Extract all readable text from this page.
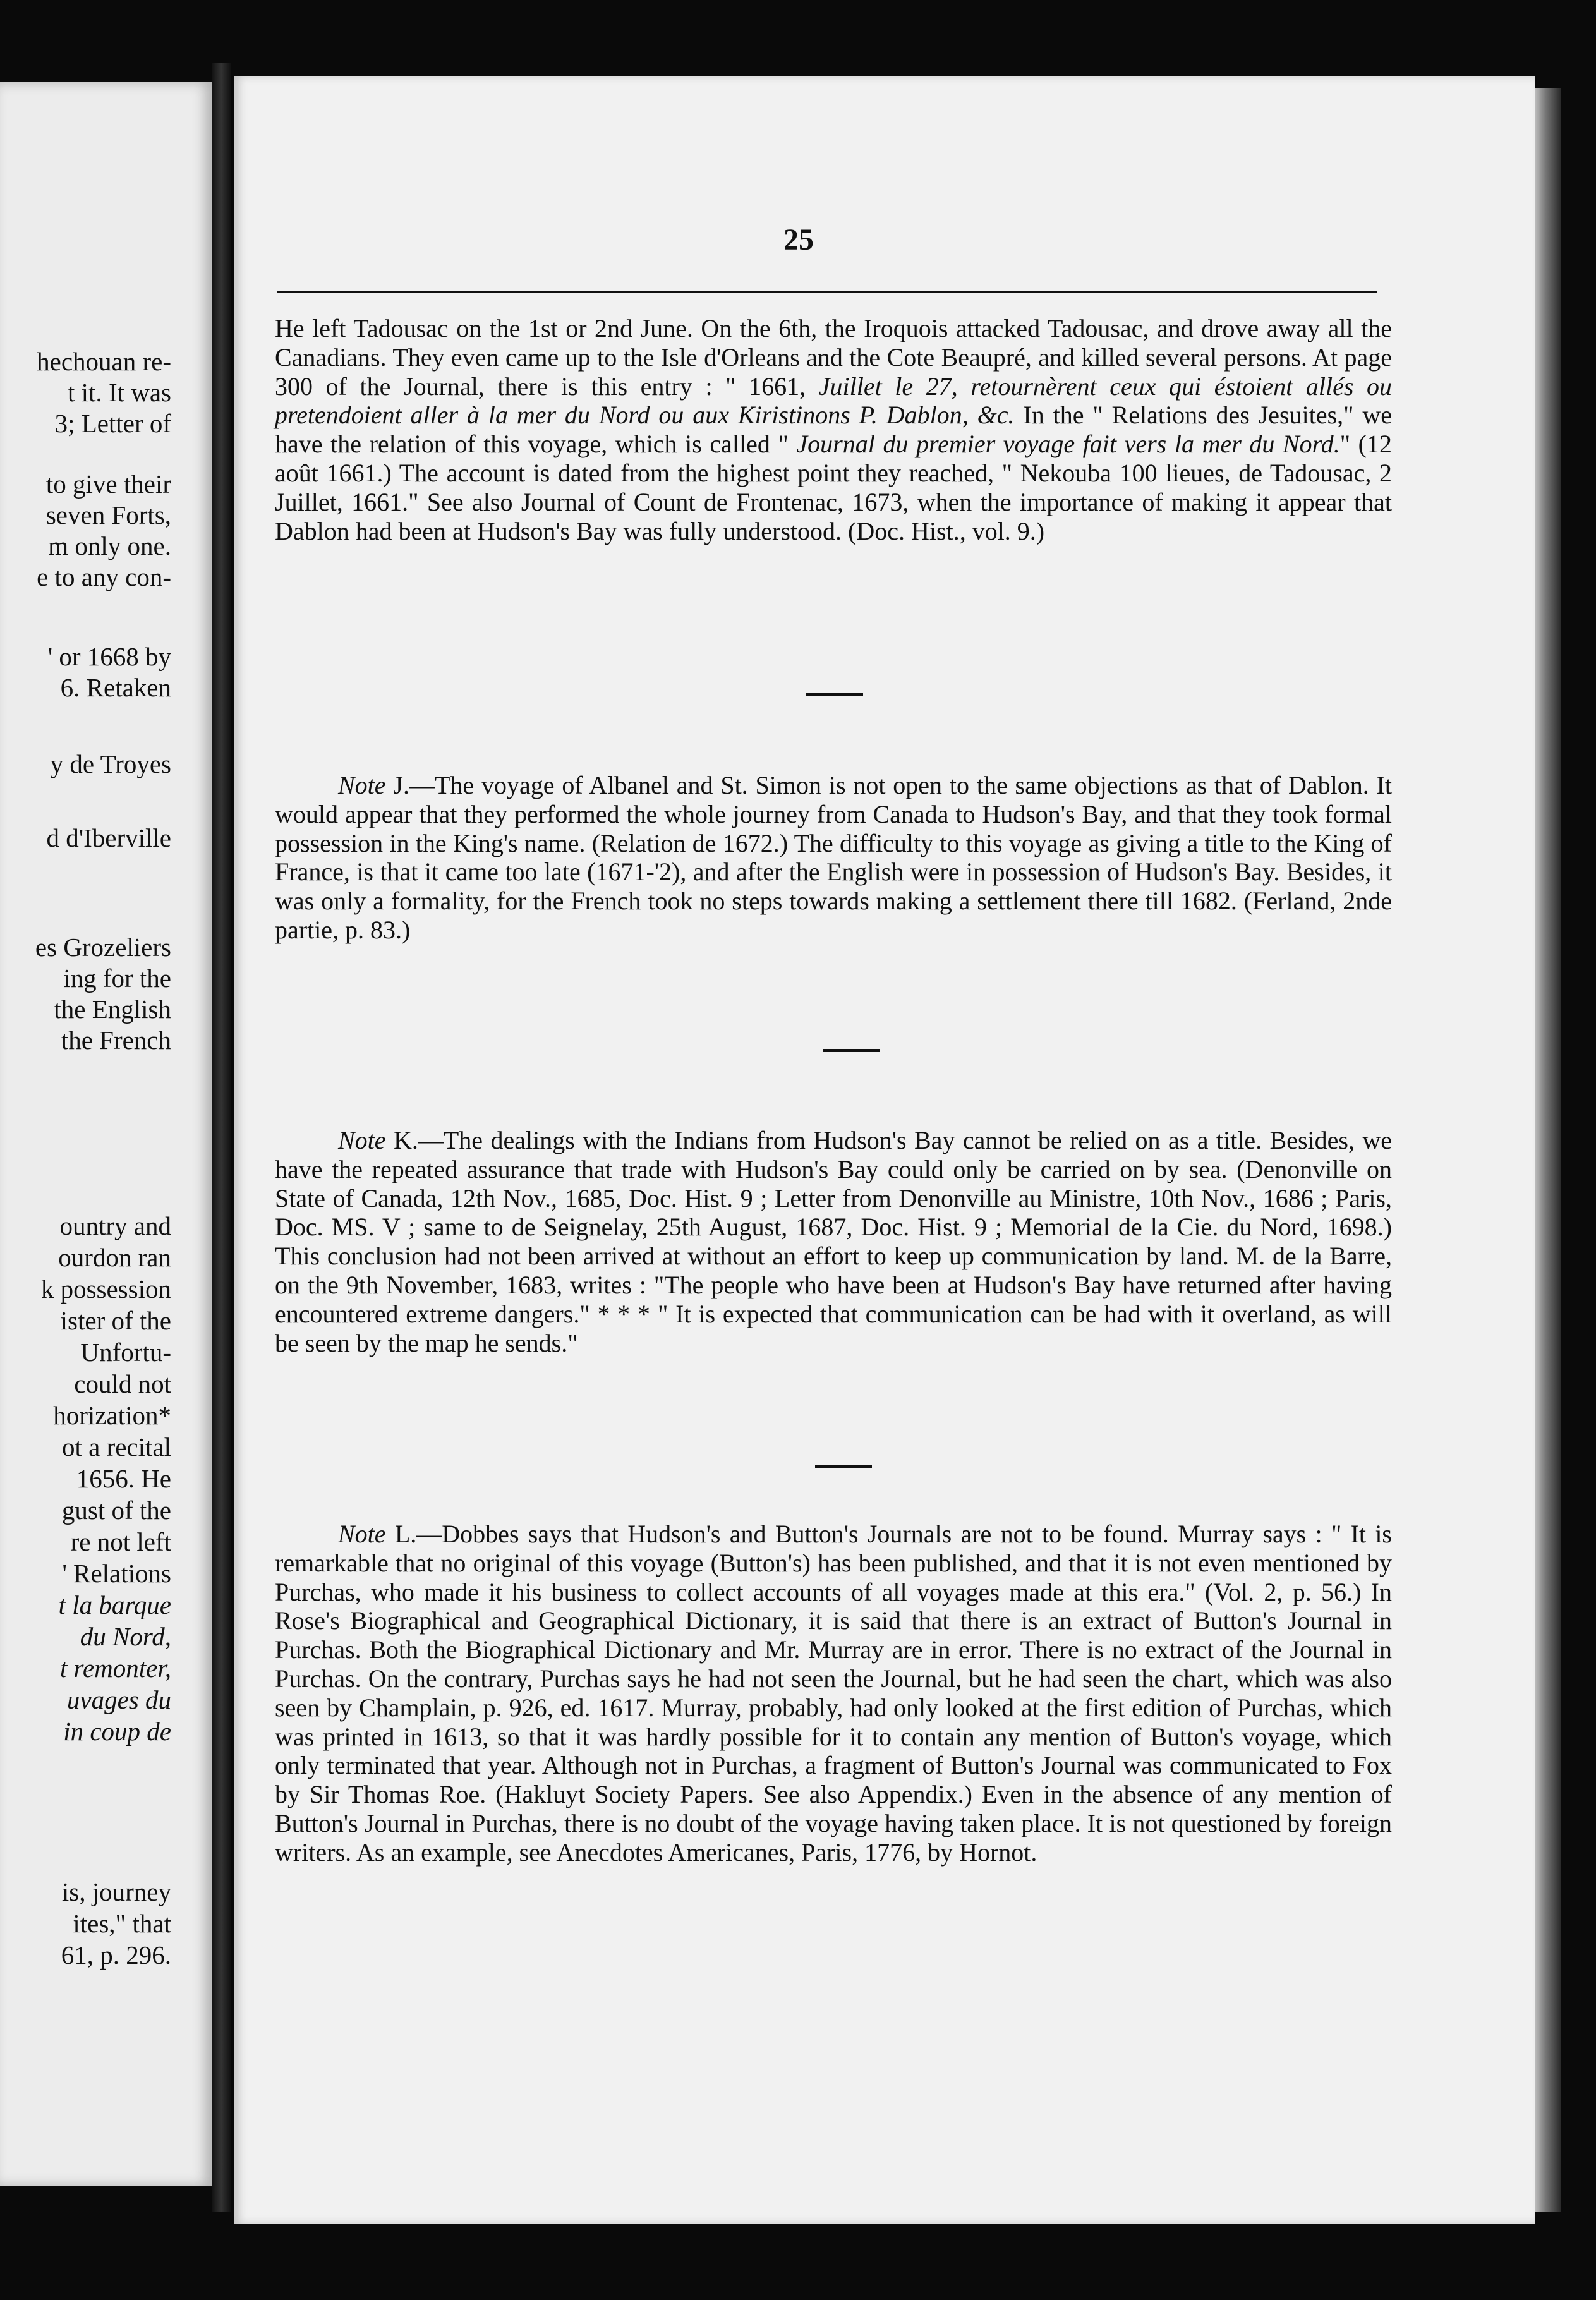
hechouan re-
t it. It was
3; Letter of
to give their
seven Forts,
m only one.
e to any con-
' or 1668 by
6. Retaken
y de Troyes
d d'Iberville
es Grozeliers
ing for the
the English
the French
ountry and
ourdon ran
k possession
ister of the
Unfortu-
could not
horization*
ot a recital
1656. He
gust of the
re not left
' Relations
t la barque
du Nord,
t remonter,
uvages du
in coup de
is, journey
ites," that
61, p. 296.
25
He left Tadousac on the 1st or 2nd June. On the 6th, the Iroquois attacked Tadousac, and drove away all the Canadians. They even came up to the Isle d'Orleans and the Cote Beaupré, and killed several persons. At page 300 of the Journal, there is this entry : " 1661, Juillet le 27, retournèrent ceux qui éstoient allés ou pretendoient aller à la mer du Nord ou aux Kiristinons P. Dablon, &c. In the " Relations des Jesuites," we have the relation of this voyage, which is called " Journal du premier voyage fait vers la mer du Nord." (12 août 1661.) The account is dated from the highest point they reached, " Nekouba 100 lieues, de Tadousac, 2 Juillet, 1661." See also Journal of Count de Frontenac, 1673, when the importance of making it appear that Dablon had been at Hudson's Bay was fully understood. (Doc. Hist., vol. 9.)
Note J.—The voyage of Albanel and St. Simon is not open to the same objections as that of Dablon. It would appear that they performed the whole journey from Canada to Hudson's Bay, and that they took formal possession in the King's name. (Relation de 1672.) The difficulty to this voyage as giving a title to the King of France, is that it came too late (1671-'2), and after the English were in possession of Hudson's Bay. Besides, it was only a formality, for the French took no steps towards making a settlement there till 1682. (Ferland, 2nde partie, p. 83.)
Note K.—The dealings with the Indians from Hudson's Bay cannot be relied on as a title. Besides, we have the repeated assurance that trade with Hudson's Bay could only be carried on by sea. (Denonville on State of Canada, 12th Nov., 1685, Doc. Hist. 9 ; Letter from Denonville au Ministre, 10th Nov., 1686 ; Paris, Doc. MS. V ; same to de Seignelay, 25th August, 1687, Doc. Hist. 9 ; Memorial de la Cie. du Nord, 1698.) This conclusion had not been arrived at without an effort to keep up communication by land. M. de la Barre, on the 9th November, 1683, writes : "The people who have been at Hudson's Bay have returned after having encountered extreme dangers." * * * " It is expected that communication can be had with it overland, as will be seen by the map he sends."
Note L.—Dobbes says that Hudson's and Button's Journals are not to be found. Murray says : " It is remarkable that no original of this voyage (Button's) has been published, and that it is not even mentioned by Purchas, who made it his business to collect accounts of all voyages made at this era." (Vol. 2, p. 56.) In Rose's Biographical and Geographical Dictionary, it is said that there is an extract of Button's Journal in Purchas. Both the Biographical Dictionary and Mr. Murray are in error. There is no extract of the Journal in Purchas. On the contrary, Purchas says he had not seen the Journal, but he had seen the chart, which was also seen by Champlain, p. 926, ed. 1617. Murray, probably, had only looked at the first edition of Purchas, which was printed in 1613, so that it was hardly possible for it to contain any mention of Button's voyage, which only terminated that year. Although not in Purchas, a fragment of Button's Journal was communicated to Fox by Sir Thomas Roe. (Hakluyt Society Papers. See also Appendix.) Even in the absence of any mention of Button's Journal in Purchas, there is no doubt of the voyage having taken place. It is not questioned by foreign writers. As an example, see Anecdotes Americanes, Paris, 1776, by Hornot.
